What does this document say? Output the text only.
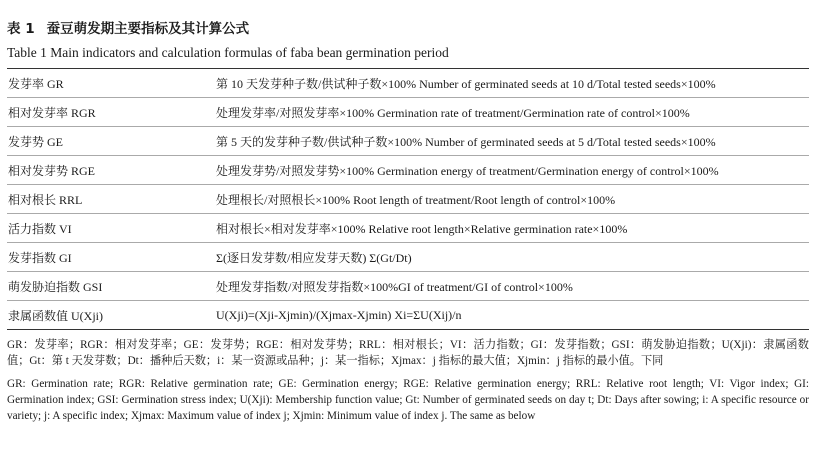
表 1 蚕豆萌发期主要指标及其计算公式
Table 1 Main indicators and calculation formulas of faba bean germination period
发芽率 GR	第 10 天发芽种子数/供试种子数×100% Number of germinated seeds at 10 d/Total tested seeds×100%
相对发芽率 RGR	处理发芽率/对照发芽率×100% Germination rate of treatment/Germination rate of control×100%
发芽势 GE	第 5 天的发芽种子数/供试种子数×100% Number of germinated seeds at 5 d/Total tested seeds×100%
相对发芽势 RGE	处理发芽势/对照发芽势×100% Germination energy of treatment/Germination energy of control×100%
相对根长 RRL	处理根长/对照根长×100% Root length of treatment/Root length of control×100%
活力指数 VI	相对根长×相对发芽率×100% Relative root length×Relative germination rate×100%
发芽指数 GI	Σ(逐日发芽数/相应发芽天数) Σ(Gt/Dt)
萌发胁迫指数 GSI	处理发芽指数/对照发芽指数×100%GI of treatment/GI of control×100%
隶属函数值 U(Xji)	U(Xji)=(Xji-Xjmin)/(Xjmax-Xjmin) Xi=ΣU(Xij)/n

GR：发芽率；RGR：相对发芽率；GE：发芽势；RGE：相对发芽势；RRL：相对根长；VI：活力指数；GI：发芽指数；GSI：萌发胁迫指数；U(Xji)：隶属函数值；Gt：第 t 天发芽数；Dt：播种后天数；i：某一资源或品种；j：某一指标；Xjmax：j 指标的最大值；Xjmin：j 指标的最小值。下同

GR: Germination rate; RGR: Relative germination rate; GE: Germination energy; RGE: Relative germination energy; RRL: Relative root length; VI: Vigor index; GI: Germination index; GSI: Germination stress index; U(Xji): Membership function value; Gt: Number of germinated seeds on day t; Dt: Days after sowing; i: A specific resource or variety; j: A specific index; Xjmax: Maximum value of index j; Xjmin: Minimum value of index j. The same as below
